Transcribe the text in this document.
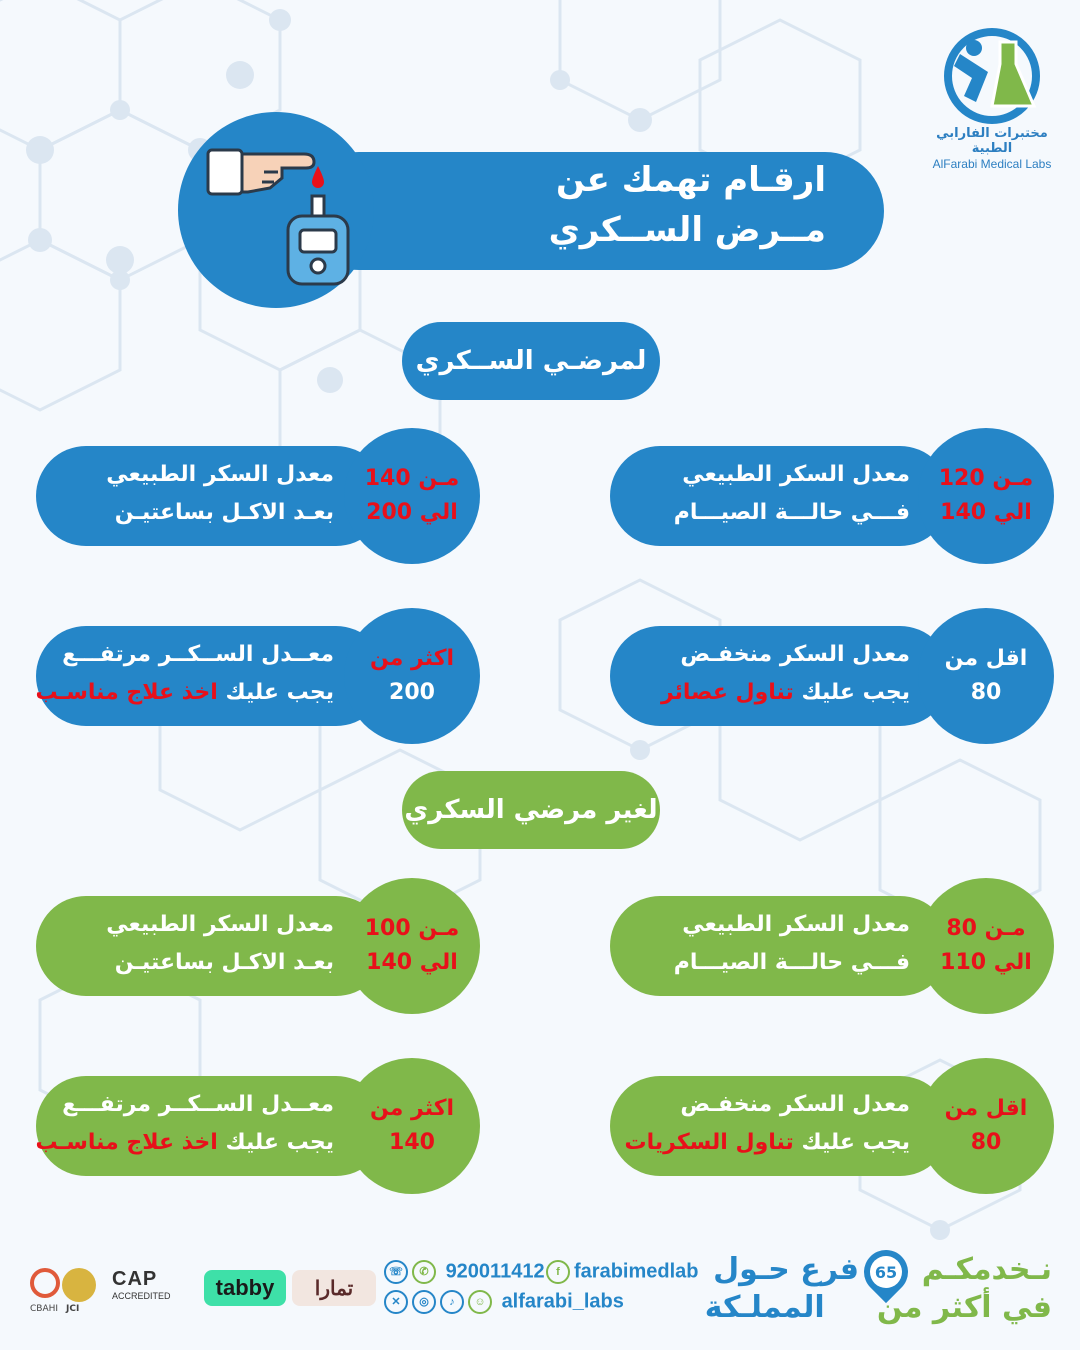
مختبرات الفارابي الطبية
AlFarabi Medical Labs
ارقـام تهمك عن
مــرض الســكري
لمرضـي الســكري
معدل السكر الطبيعي
فـــي حالـــة الصيـــام
مـن 120
الي 140
معدل السكر الطبيعي
بعـد الاكـل بساعتيـن
مـن 140
الي 200
معدل السكر منخفـض
يجب عليك تناول عصائر
اقل من
80
معــدل الســكــر مرتفـــع
يجب عليك اخذ علاج مناسـب
اكثر من
200
لغير مرضي السكري
معدل السكر الطبيعي
فـــي حالـــة الصيـــام
مـن 80
الي 110
معدل السكر الطبيعي
بعـد الاكـل بساعتيـن
مـن 100
الي 140
معدل السكر منخفـض
يجب عليك تناول السكريات
اقل من
80
معــدل الســكــر مرتفـــع
يجب عليك اخذ علاج مناسـب
اكثر من
140
نـخدمكـم      فرع حـول 65
في أكثر من     المملـكة
☏ ✆ 920011412	f farabimedlab
✕ ◎ ♪ ☺ alfarabi_labs
تمارا
tabby
CAP
ACCREDITED
JCI
CBAHI
